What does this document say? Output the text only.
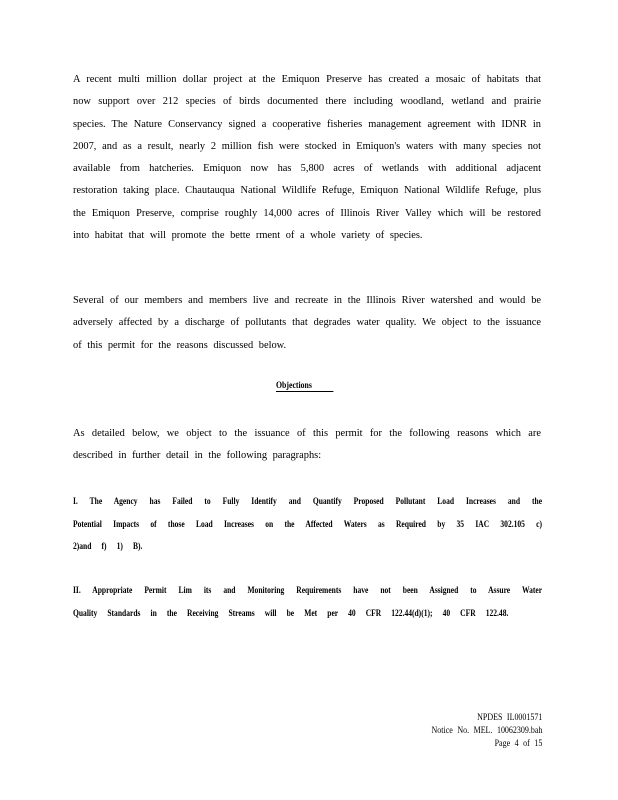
A recent multi million dollar project at the Emiquon Preserve has created a mosaic of habitats that now support over 212 species of birds documented there including woodland, wetland and prairie species. The Nature Conservancy signed a cooperative fisheries management agreement with IDNR in 2007, and as a result, nearly 2 million fish were stocked in Emiquon's waters with many species not available from hatcheries. Emiquon now has 5,800 acres of wetlands with additional adjacent restoration taking place. Chautauqua National Wildlife Refuge, Emiquon National Wildlife Refuge, plus the Emiquon Preserve, comprise roughly 14,000 acres of Illinois River Valley which will be restored into habitat that will promote the bette rment of a whole variety of species.

Several of our members and members live and recreate in the Illinois River watershed and would be adversely affected by a discharge of pollutants that degrades water quality. We object to the issuance of this permit for the reasons discussed below.

Objections

As detailed below, we object to the issuance of this permit for the following reasons which are described in further detail in the following paragraphs:

I. The Agency has Failed to Fully Identify and Quantify Proposed Pollutant Load Increases and the Potential Impacts of those Load Increases on the Affected Waters as Required by 35 IAC 302.105 c) 2)and f) 1) B).

II. Appropriate Permit Lim its and Monitoring Requirements have not been Assigned to Assure Water Quality Standards in the Receiving Streams will be Met per 40 CFR 122.44(d)(1); 40 CFR 122.48.

NPDES IL0001571
Notice No. MEL. 10062309.bah
Page 4 of 15
